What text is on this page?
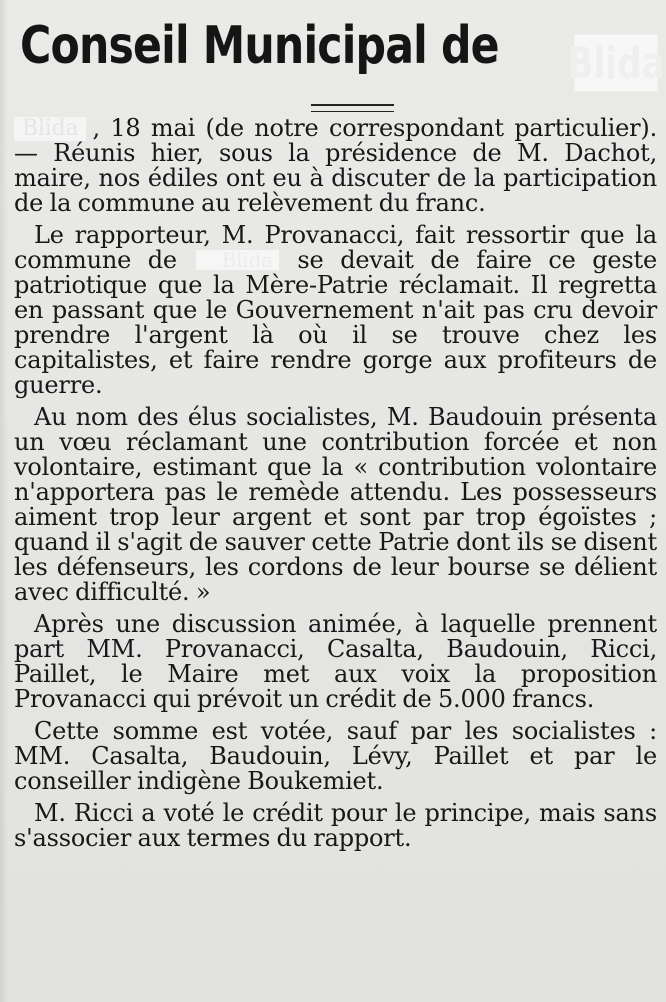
Conseil Municipal de Blida

Blida , 18 mai (de notre correspondant particulier). — Réunis hier, sous la présidence de M. Dachot, maire, nos édiles ont eu à discuter de la participation de la commune au relèvement du franc.

Le rapporteur, M. Provanacci, fait ressortir que la commune de Blida se devait de faire ce geste patriotique que la Mère-Patrie réclamait. Il regretta en passant que le Gouvernement n'ait pas cru devoir prendre l'argent là où il se trouve chez les capitalistes, et faire rendre gorge aux profiteurs de guerre.

Au nom des élus socialistes, M. Baudouin présenta un vœu réclamant une contribution forcée et non volontaire, estimant que la « contribution volontaire n'apportera pas le remède attendu. Les possesseurs aiment trop leur argent et sont par trop égoïstes ; quand il s'agit de sauver cette Patrie dont ils se disent les défenseurs, les cordons de leur bourse se délient avec difficulté. »

Après une discussion animée, à laquelle prennent part MM. Provanacci, Casalta, Baudouin, Ricci, Paillet, le Maire met aux voix la proposition Provanacci qui prévoit un crédit de 5.000 francs.

Cette somme est votée, sauf par les socialistes : MM. Casalta, Baudouin, Lévy, Paillet et par le conseiller indigène Boukemiet.

M. Ricci a voté le crédit pour le principe, mais sans s'associer aux termes du rapport.
